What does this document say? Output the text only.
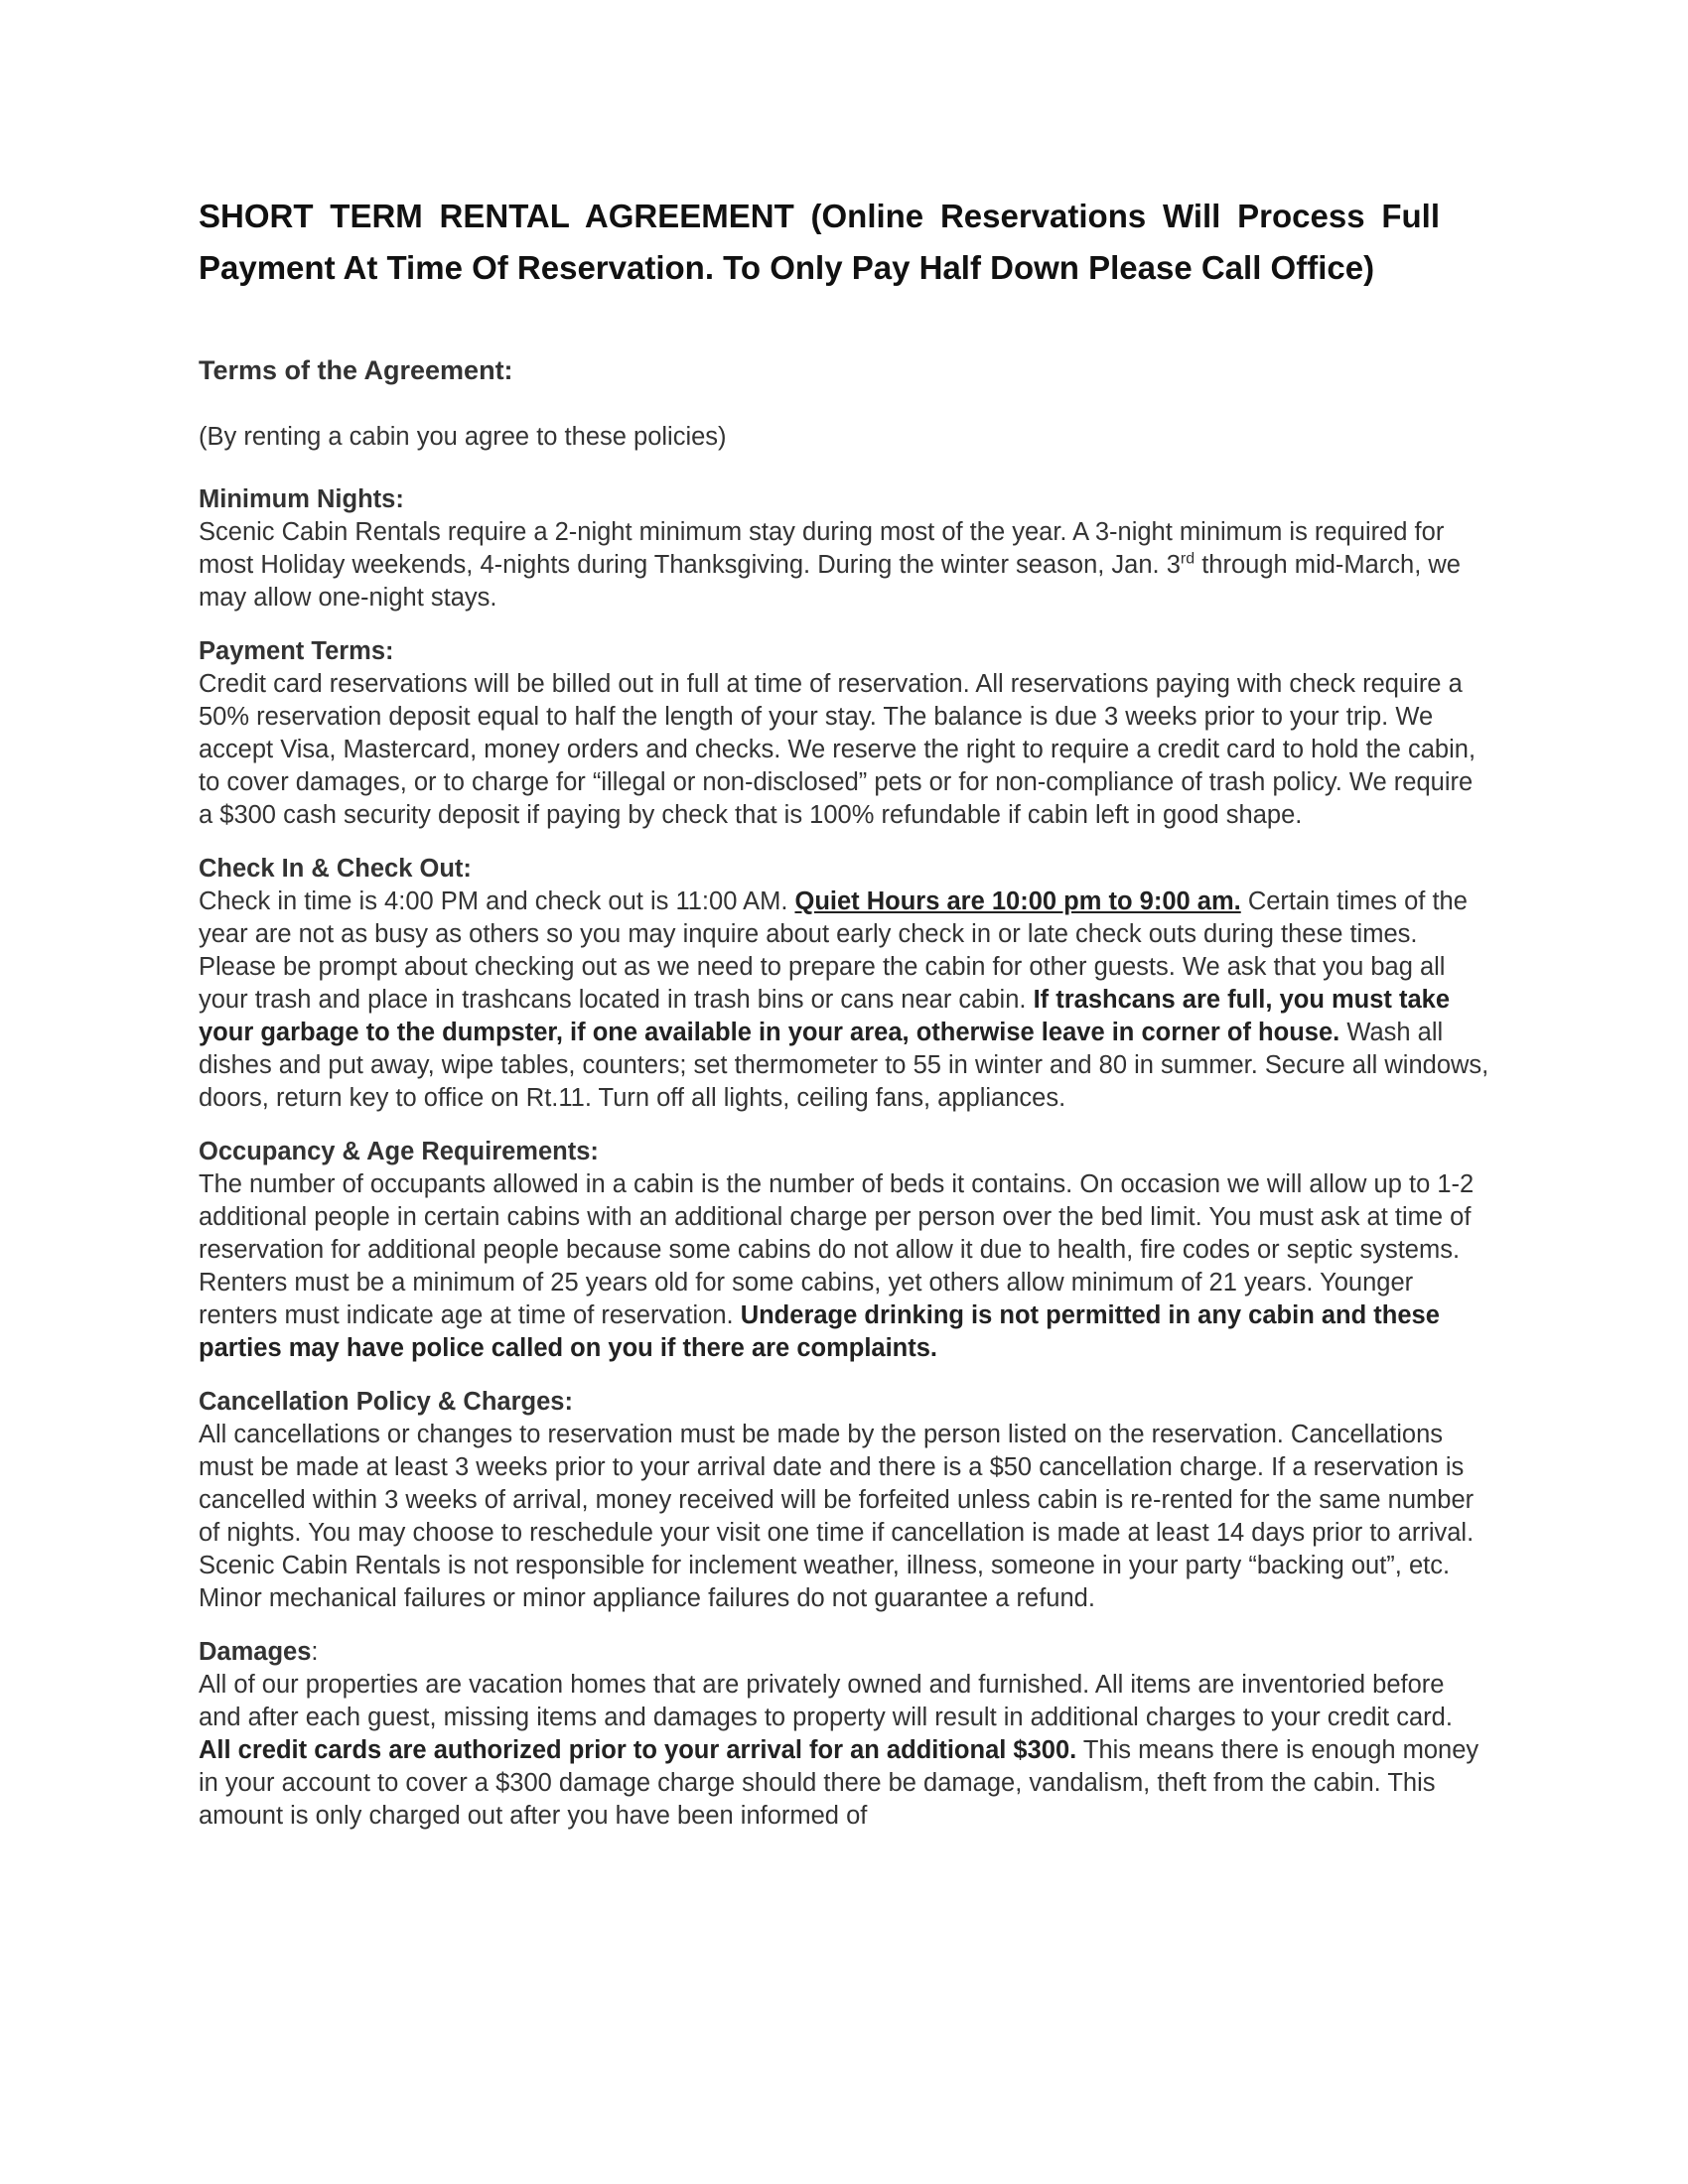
SHORT TERM RENTAL AGREEMENT (Online Reservations Will Process Full Payment At Time Of Reservation. To Only Pay Half Down Please Call Office)
Terms of the Agreement:
(By renting a cabin you agree to these policies)
Minimum Nights:
Scenic Cabin Rentals require a 2-night minimum stay during most of the year. A 3-night minimum is required for most Holiday weekends, 4-nights during Thanksgiving. During the winter season, Jan. 3rd through mid-March, we may allow one-night stays.
Payment Terms:
Credit card reservations will be billed out in full at time of reservation. All reservations paying with check require a 50% reservation deposit equal to half the length of your stay. The balance is due 3 weeks prior to your trip. We accept Visa, Mastercard, money orders and checks. We reserve the right to require a credit card to hold the cabin, to cover damages, or to charge for “illegal or non-disclosed” pets or for non-compliance of trash policy. We require a $300 cash security deposit if paying by check that is 100% refundable if cabin left in good shape.
Check In & Check Out:
Check in time is 4:00 PM and check out is 11:00 AM. Quiet Hours are 10:00 pm to 9:00 am. Certain times of the year are not as busy as others so you may inquire about early check in or late check outs during these times. Please be prompt about checking out as we need to prepare the cabin for other guests. We ask that you bag all your trash and place in trashcans located in trash bins or cans near cabin. If trashcans are full, you must take your garbage to the dumpster, if one available in your area, otherwise leave in corner of house. Wash all dishes and put away, wipe tables, counters; set thermometer to 55 in winter and 80 in summer. Secure all windows, doors, return key to office on Rt.11. Turn off all lights, ceiling fans, appliances.
Occupancy & Age Requirements:
The number of occupants allowed in a cabin is the number of beds it contains. On occasion we will allow up to 1-2 additional people in certain cabins with an additional charge per person over the bed limit. You must ask at time of reservation for additional people because some cabins do not allow it due to health, fire codes or septic systems. Renters must be a minimum of 25 years old for some cabins, yet others allow minimum of 21 years. Younger renters must indicate age at time of reservation. Underage drinking is not permitted in any cabin and these parties may have police called on you if there are complaints.
Cancellation Policy & Charges:
All cancellations or changes to reservation must be made by the person listed on the reservation. Cancellations must be made at least 3 weeks prior to your arrival date and there is a $50 cancellation charge. If a reservation is cancelled within 3 weeks of arrival, money received will be forfeited unless cabin is re-rented for the same number of nights. You may choose to reschedule your visit one time if cancellation is made at least 14 days prior to arrival. Scenic Cabin Rentals is not responsible for inclement weather, illness, someone in your party “backing out”, etc. Minor mechanical failures or minor appliance failures do not guarantee a refund.
Damages:
All of our properties are vacation homes that are privately owned and furnished. All items are inventoried before and after each guest, missing items and damages to property will result in additional charges to your credit card. All credit cards are authorized prior to your arrival for an additional $300. This means there is enough money in your account to cover a $300 damage charge should there be damage, vandalism, theft from the cabin. This amount is only charged out after you have been informed of
